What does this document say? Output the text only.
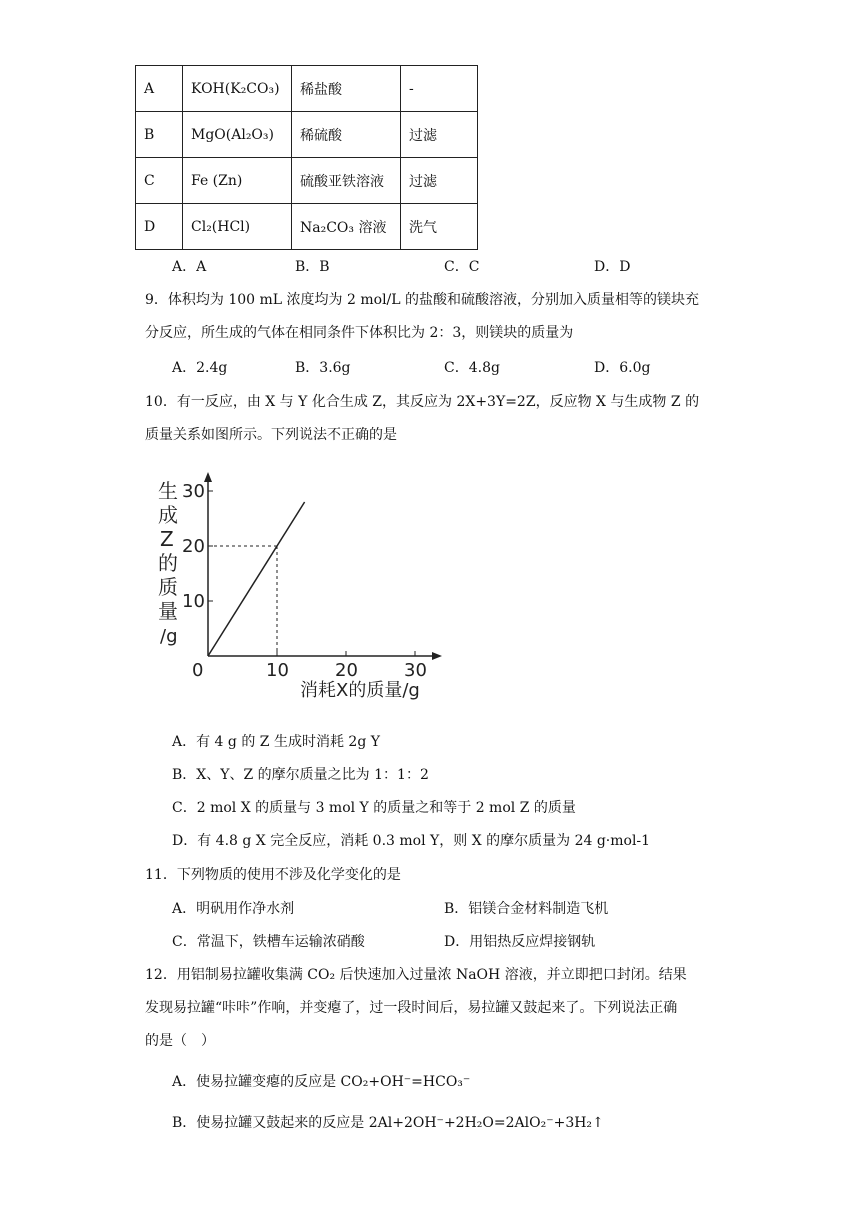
A	KOH(K₂CO₃)	稀盐酸	-
B	MgO(Al₂O₃)	稀硫酸	过滤
C	Fe (Zn)	硫酸亚铁溶液	过滤
D	Cl₂(HCl)	Na₂CO₃ 溶液	洗气
A．A	B．B	C．C	D．D
9．体积均为 100 mL 浓度均为 2 mol/L 的盐酸和硫酸溶液，分别加入质量相等的镁块充
分反应，所生成的气体在相同条件下体积比为 2：3，则镁块的质量为
A．2.4g	B．3.6g	C．4.8g	D．6.0g
10．有一反应，由 X 与 Y 化合生成 Z，其反应为 2X+3Y=2Z，反应物 X 与生成物 Z 的
质量关系如图所示。下列说法不正确的是
0	10	20	30
10
20
30
生
成
Z
的
质
量
/g
消耗X的质量/g
A．有 4 g 的 Z 生成时消耗 2g Y
B．X、Y、Z 的摩尔质量之比为 1：1：2
C．2 mol X 的质量与 3 mol Y 的质量之和等于 2 mol Z 的质量
D．有 4.8 g X 完全反应，消耗 0.3 mol Y，则 X 的摩尔质量为 24 g·mol-1
11．下列物质的使用不涉及化学变化的是
A．明矾用作净水剂	B．铝镁合金材料制造飞机
C．常温下，铁槽车运输浓硝酸	D．用铝热反应焊接钢轨
12．用铝制易拉罐收集满 CO₂ 后快速加入过量浓 NaOH 溶液，并立即把口封闭。结果
发现易拉罐“咔咔”作响，并变瘪了，过一段时间后，易拉罐又鼓起来了。下列说法正确
的是（　）
A．使易拉罐变瘪的反应是 CO₂+OH⁻=HCO₃⁻
B．使易拉罐又鼓起来的反应是 2Al+2OH⁻+2H₂O=2AlO₂⁻+3H₂↑
